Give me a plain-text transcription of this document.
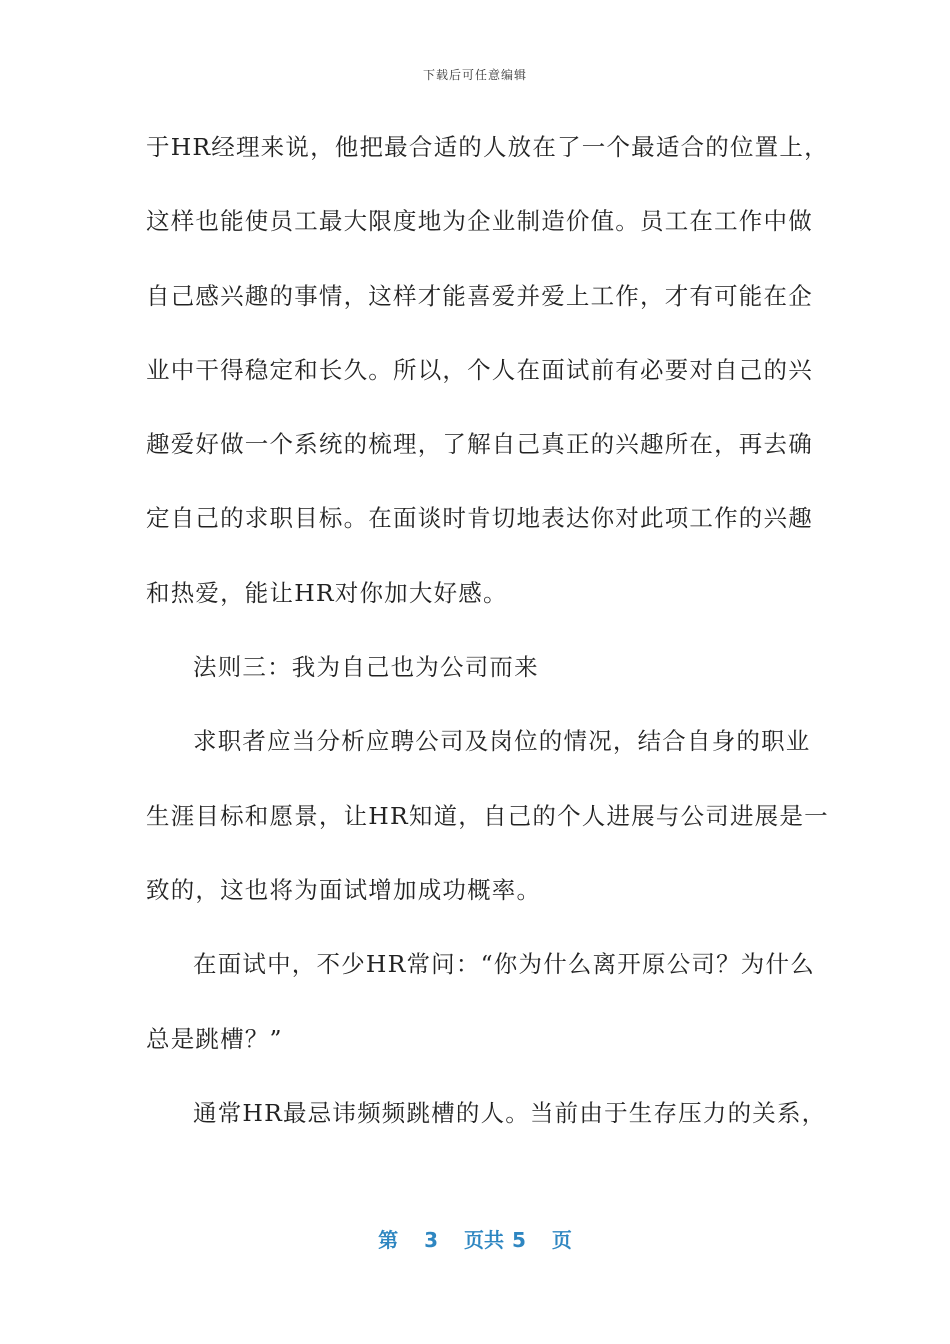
下载后可任意编辑
于HR经理来说，他把最合适的人放在了一个最适合的位置上，
这样也能使员工最大限度地为企业制造价值。员工在工作中做
自己感兴趣的事情，这样才能喜爱并爱上工作，才有可能在企
业中干得稳定和长久。所以，个人在面试前有必要对自己的兴
趣爱好做一个系统的梳理，了解自己真正的兴趣所在，再去确
定自己的求职目标。在面谈时肯切地表达你对此项工作的兴趣
和热爱，能让HR对你加大好感。
法则三：我为自己也为公司而来
求职者应当分析应聘公司及岗位的情况，结合自身的职业
生涯目标和愿景，让HR知道，自己的个人进展与公司进展是一
致的，这也将为面试增加成功概率。
在面试中，不少HR常问：“你为什么离开原公司？为什么
总是跳槽？”
通常HR最忌讳频频跳槽的人。当前由于生存压力的关系，
第 3 页共 5 页
